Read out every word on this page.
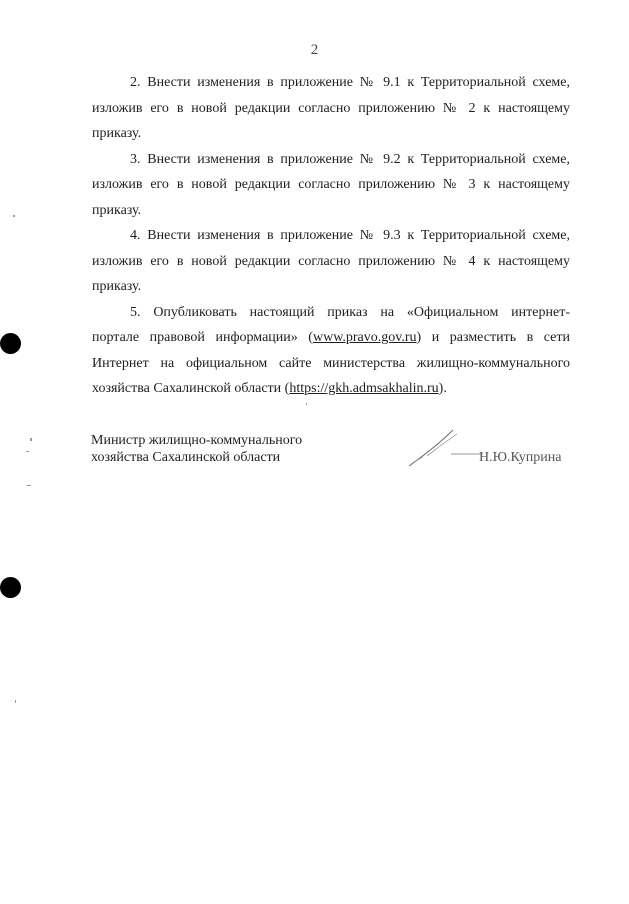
2

2. Внести изменения в приложение № 9.1 к Территориальной схеме,
изложив его в новой редакции согласно приложению № 2 к настоящему
приказу.

3. Внести изменения в приложение № 9.2 к Территориальной схеме,
изложив его в новой редакции согласно приложению № 3 к настоящему
приказу.

4. Внести изменения в приложение № 9.3 к Территориальной схеме,
изложив его в новой редакции согласно приложению № 4 к настоящему
приказу.

5. Опубликовать настоящий приказ на «Официальном интернет-
портале правовой информации» (www.pravo.gov.ru) и разместить в сети
Интернет на официальном сайте министерства жилищно-коммунального
хозяйства Сахалинской области (https://gkh.admsakhalin.ru).

Министр жилищно-коммунального
хозяйства Сахалинской области	Н.Ю.Куприна
